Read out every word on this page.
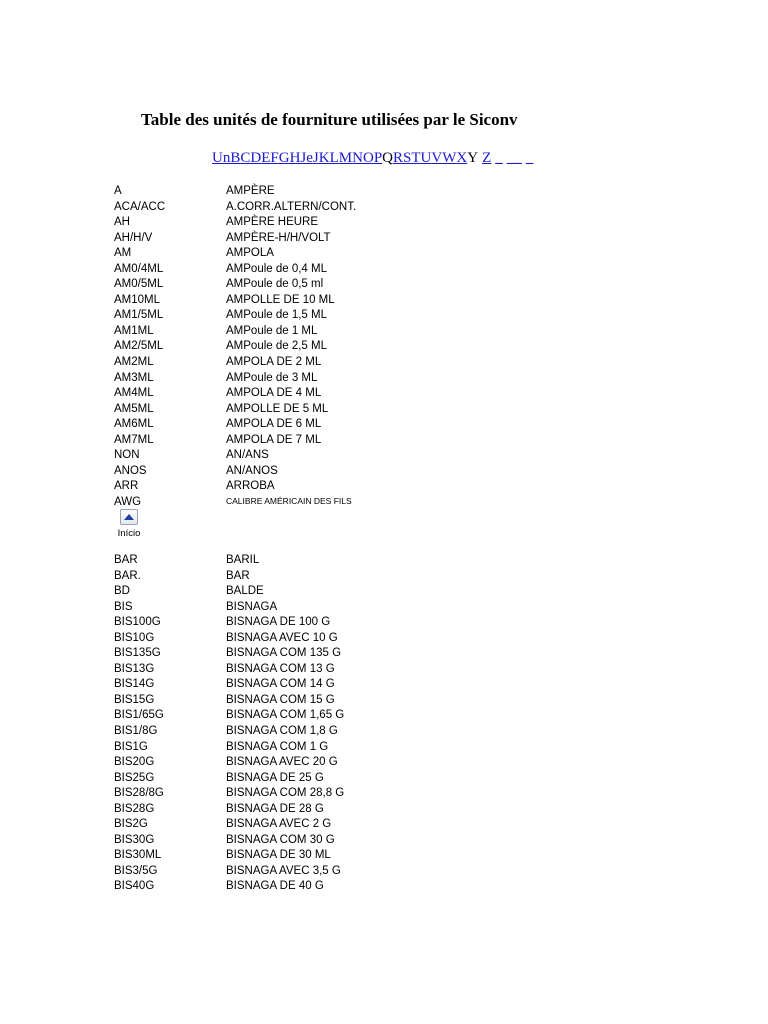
Table des unités de fourniture utilisées par le Siconv
UnBCDEFGHJeJKLMNOPQRSTUVWXY Z _ __ _
A	AMPÈRE
ACA/ACC	A.CORR.ALTERN/CONT.
AH	AMPÈRE HEURE
AH/H/V	AMPÈRE-H/H/VOLT
AM	AMPOLA
AM0/4ML	AMPoule de 0,4 ML
AM0/5ML	AMPoule de 0,5 ml
AM10ML	AMPOLLE DE 10 ML
AM1/5ML	AMPoule de 1,5 ML
AM1ML	AMPoule de 1 ML
AM2/5ML	AMPoule de 2,5 ML
AM2ML	AMPOLA DE 2 ML
AM3ML	AMPoule de 3 ML
AM4ML	AMPOLA DE 4 ML
AM5ML	AMPOLLE DE 5 ML
AM6ML	AMPOLA DE 6 ML
AM7ML	AMPOLA DE 7 ML
NON	AN/ANS
ANOS	AN/ANOS
ARR	ARROBA
AWG	CALIBRE AMÉRICAIN DES FILS
Início
BAR	BARIL
BAR.	BAR
BD	BALDE
BIS	BISNAGA
BIS100G	BISNAGA DE 100 G
BIS10G	BISNAGA AVEC 10 G
BIS135G	BISNAGA COM 135 G
BIS13G	BISNAGA COM 13 G
BIS14G	BISNAGA COM 14 G
BIS15G	BISNAGA COM 15 G
BIS1/65G	BISNAGA COM 1,65 G
BIS1/8G	BISNAGA COM 1,8 G
BIS1G	BISNAGA COM 1 G
BIS20G	BISNAGA AVEC 20 G
BIS25G	BISNAGA DE 25 G
BIS28/8G	BISNAGA COM 28,8 G
BIS28G	BISNAGA DE 28 G
BIS2G	BISNAGA AVEC 2 G
BIS30G	BISNAGA COM 30 G
BIS30ML	BISNAGA DE 30 ML
BIS3/5G	BISNAGA AVEC 3,5 G
BIS40G	BISNAGA DE 40 G
